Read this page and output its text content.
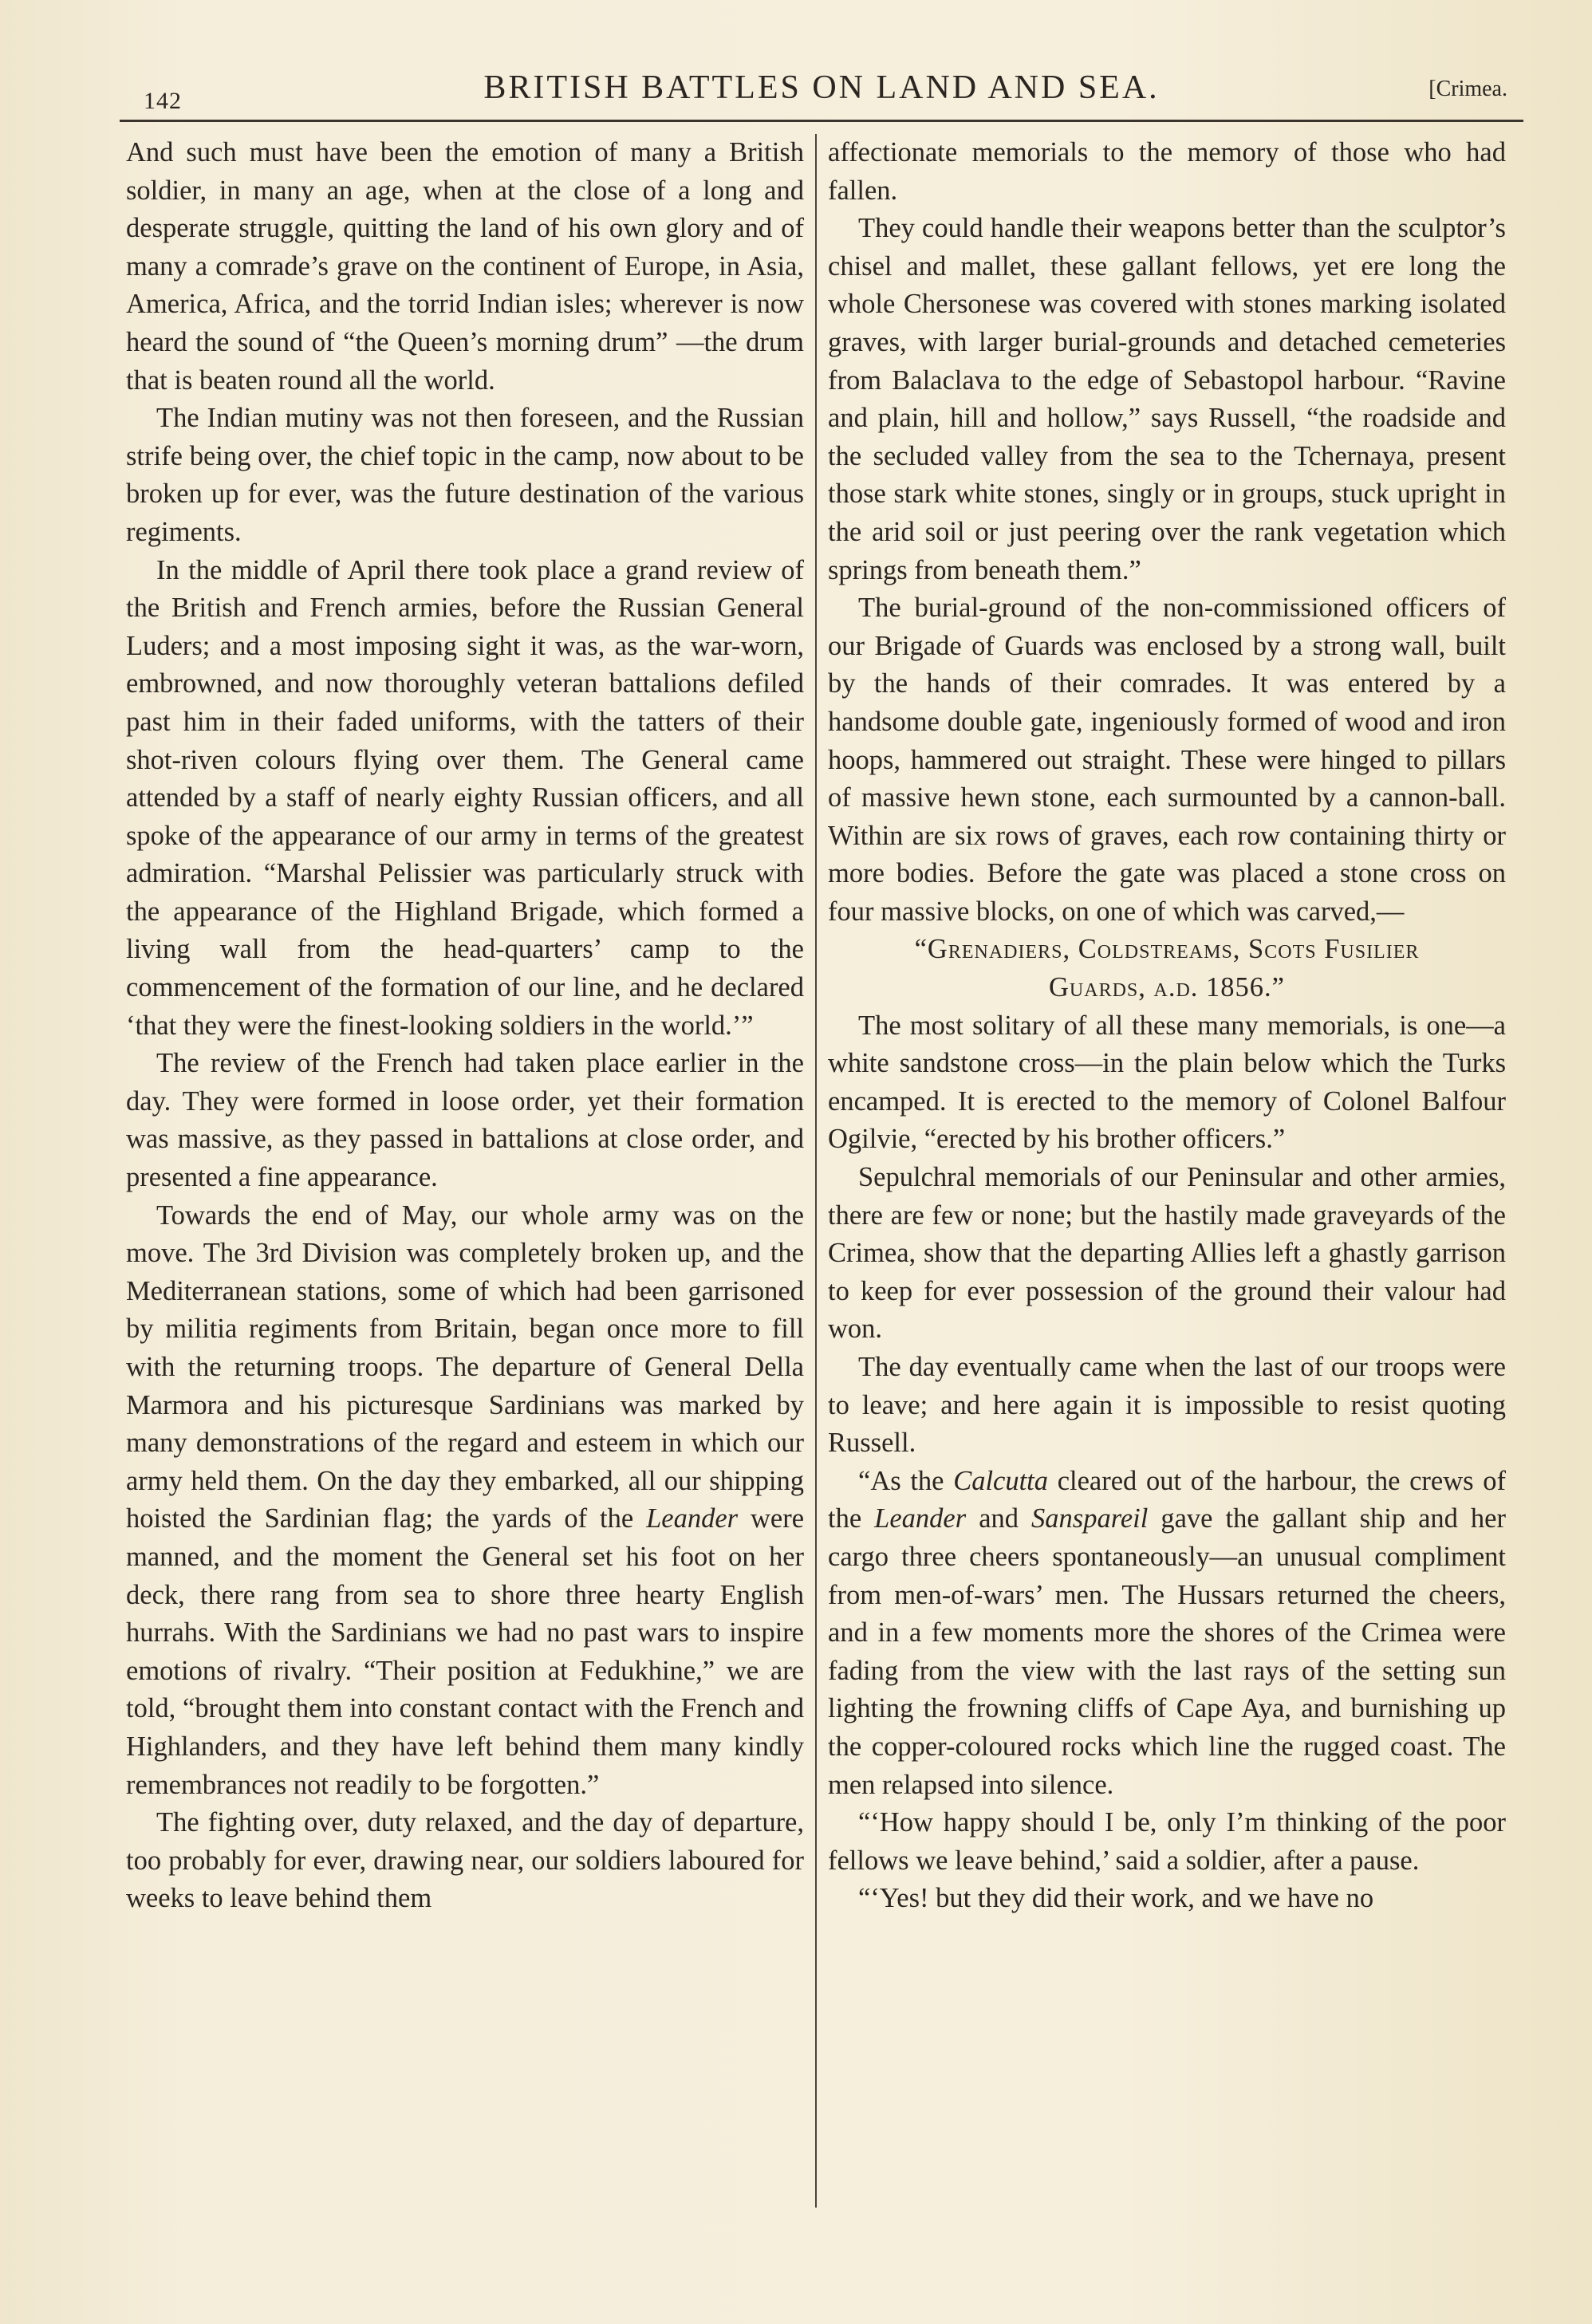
142	BRITISH BATTLES ON LAND AND SEA.	[Crimea.

And such must have been the emotion of many a British soldier, in many an age, when at the close of a long and desperate struggle, quitting the land of his own glory and of many a comrade’s grave on the continent of Europe, in Asia, America, Africa, and the torrid Indian isles; wherever is now heard the sound of “the Queen’s morning drum” —the drum that is beaten round all the world.

The Indian mutiny was not then foreseen, and the Russian strife being over, the chief topic in the camp, now about to be broken up for ever, was the future destination of the various regiments.

In the middle of April there took place a grand review of the British and French armies, before the Russian General Luders; and a most imposing sight it was, as the war-worn, embrowned, and now thoroughly veteran battalions defiled past him in their faded uniforms, with the tatters of their shot-riven colours flying over them. The General came attended by a staff of nearly eighty Russian officers, and all spoke of the appearance of our army in terms of the greatest admiration. “Marshal Pelissier was particularly struck with the appearance of the Highland Brigade, which formed a living wall from the head-quarters’ camp to the commencement of the formation of our line, and he declared ‘that they were the finest-looking soldiers in the world.’”

The review of the French had taken place earlier in the day. They were formed in loose order, yet their formation was massive, as they passed in battalions at close order, and presented a fine appearance.

Towards the end of May, our whole army was on the move. The 3rd Division was completely broken up, and the Mediterranean stations, some of which had been garrisoned by militia regiments from Britain, began once more to fill with the returning troops. The departure of General Della Marmora and his picturesque Sardinians was marked by many demonstrations of the regard and esteem in which our army held them. On the day they embarked, all our shipping hoisted the Sardinian flag; the yards of the Leander were manned, and the moment the General set his foot on her deck, there rang from sea to shore three hearty English hurrahs. With the Sardinians we had no past wars to inspire emotions of rivalry. “Their position at Fedukhine,” we are told, “brought them into constant contact with the French and Highlanders, and they have left behind them many kindly remembrances not readily to be forgotten.”

The fighting over, duty relaxed, and the day of departure, too probably for ever, drawing near, our soldiers laboured for weeks to leave behind them

affectionate memorials to the memory of those who had fallen.

They could handle their weapons better than the sculptor’s chisel and mallet, these gallant fellows, yet ere long the whole Chersonese was covered with stones marking isolated graves, with larger burial-grounds and detached cemeteries from Balaclava to the edge of Sebastopol harbour. “Ravine and plain, hill and hollow,” says Russell, “the roadside and the secluded valley from the sea to the Tchernaya, present those stark white stones, singly or in groups, stuck upright in the arid soil or just peering over the rank vegetation which springs from beneath them.”

The burial-ground of the non-commissioned officers of our Brigade of Guards was enclosed by a strong wall, built by the hands of their comrades. It was entered by a handsome double gate, ingeniously formed of wood and iron hoops, hammered out straight. These were hinged to pillars of massive hewn stone, each surmounted by a cannon-ball. Within are six rows of graves, each row containing thirty or more bodies. Before the gate was placed a stone cross on four massive blocks, on one of which was carved,—

“Grenadiers, Coldstreams, Scots Fusilier

Guards, a.d. 1856.”

The most solitary of all these many memorials, is one—a white sandstone cross—in the plain below which the Turks encamped. It is erected to the memory of Colonel Balfour Ogilvie, “erected by his brother officers.”

Sepulchral memorials of our Peninsular and other armies, there are few or none; but the hastily made graveyards of the Crimea, show that the departing Allies left a ghastly garrison to keep for ever possession of the ground their valour had won.

The day eventually came when the last of our troops were to leave; and here again it is impossible to resist quoting Russell.

“As the Calcutta cleared out of the harbour, the crews of the Leander and Sanspareil gave the gallant ship and her cargo three cheers spontaneously—an unusual compliment from men-of-wars’ men. The Hussars returned the cheers, and in a few moments more the shores of the Crimea were fading from the view with the last rays of the setting sun lighting the frowning cliffs of Cape Aya, and burnishing up the copper-coloured rocks which line the rugged coast. The men relapsed into silence.

“‘How happy should I be, only I’m thinking of the poor fellows we leave behind,’ said a soldier, after a pause.

“‘Yes! but they did their work, and we have no
